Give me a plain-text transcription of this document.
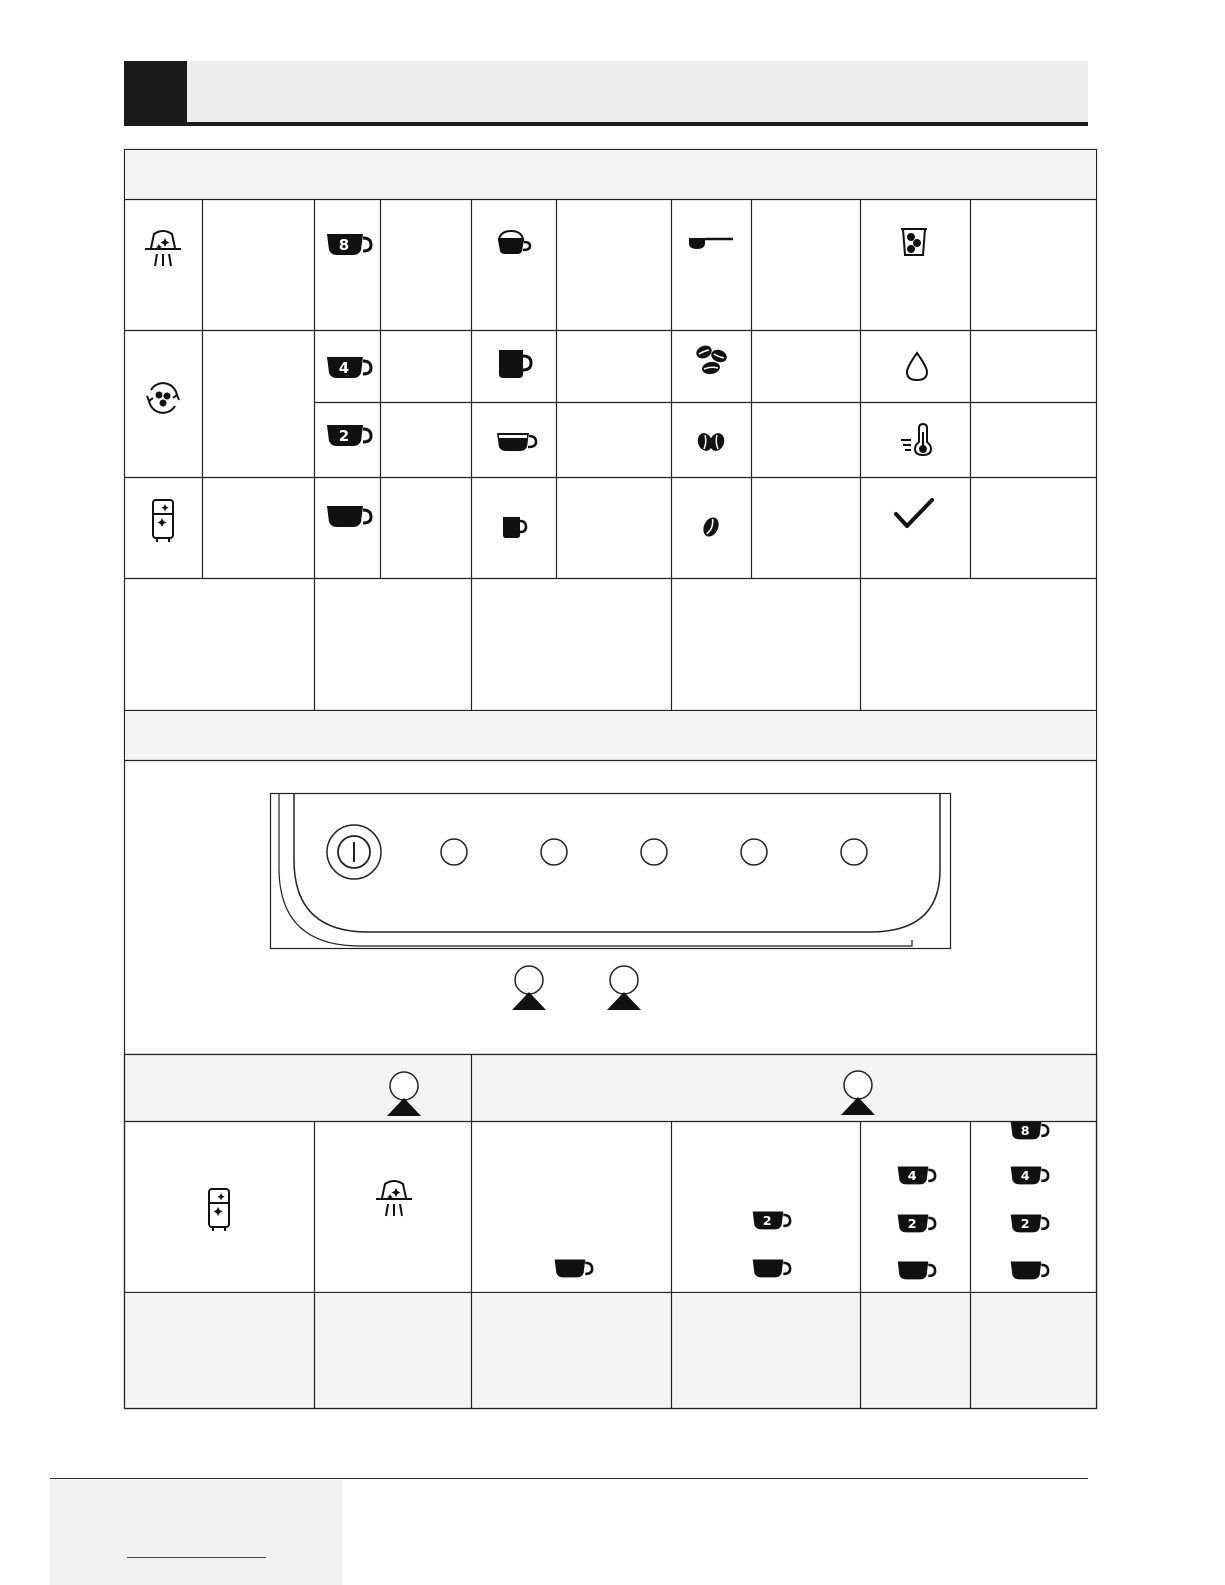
8
4
2
2
4
2
8
4
2
